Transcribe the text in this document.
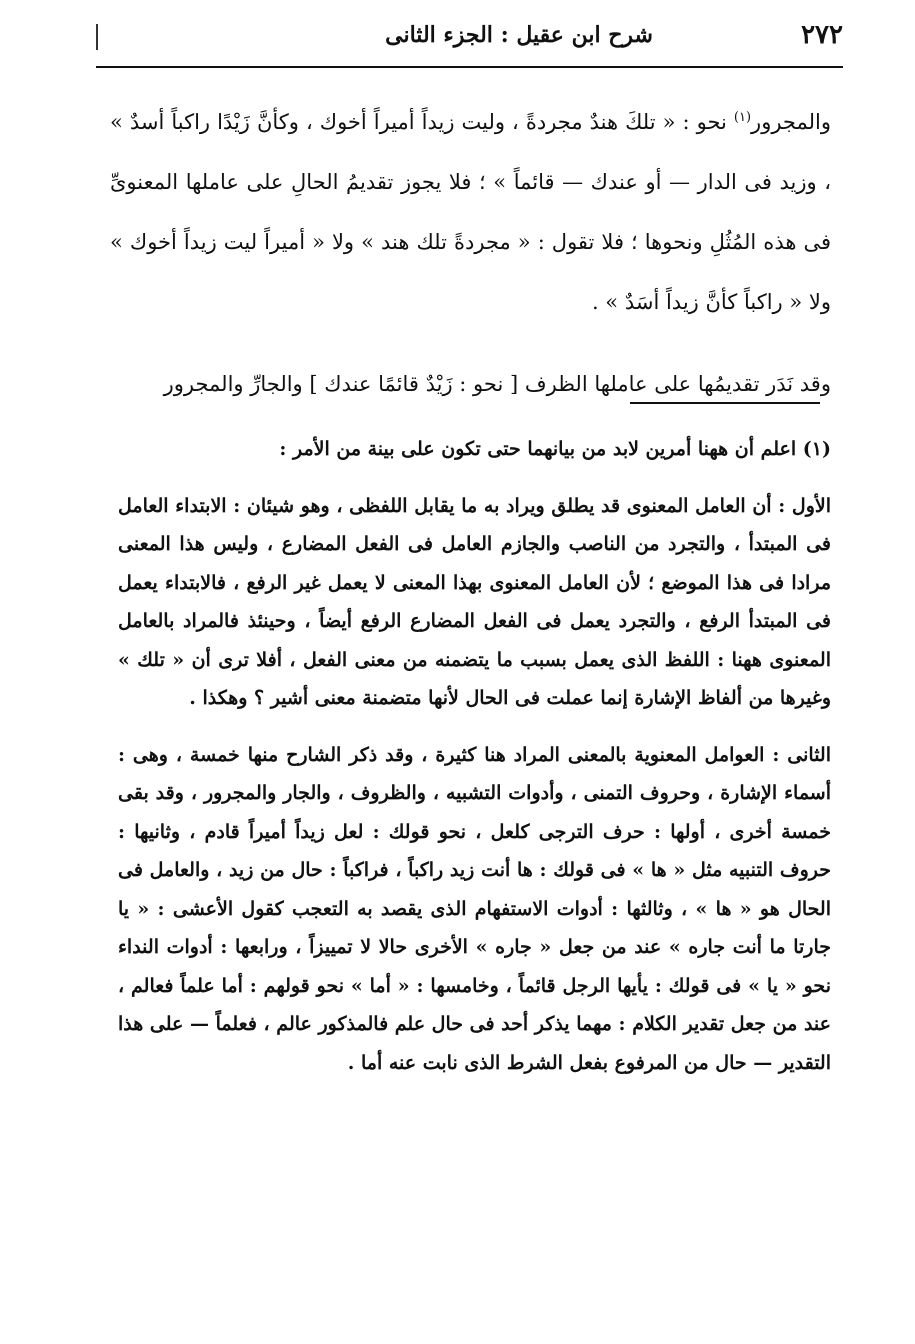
٢٧٢
شرح ابن عقيل : الجزء الثانى

والمجرور$^{(١)}$ نحو : « تلكَ هندٌ مجردةً ، وليت زيداً أميراً أخوك ، وكأنَّ زَيْدًا راكباً أسدٌ » ، وزيد فى الدار — أو عندك — قائماً » ؛ فلا يجوز تقديمُ الحالِ على عاملها المعنوىِّ فى هذه المُثُلِ ونحوها ؛ فلا تقول : « مجردةً تلك هند » ولا « أميراً ليت زيداً أخوك » ولا « راكباً كأنَّ زيداً أسَدٌ » .

وقد نَدَر تقديمُها على عاملها الظرف [ نحو : زَيْدٌ قائمًا عندك ] والجارِّ والمجرور

(١) اعلم أن ههنا أمرين لابد من بيانهما حتى تكون على بينة من الأمر :

الأول : أن العامل المعنوى قد يطلق ويراد به ما يقابل اللفظى ، وهو شيئان : الابتداء العامل فى المبتدأ ، والتجرد من الناصب والجازم العامل فى الفعل المضارع ، وليس هذا المعنى مرادا فى هذا الموضع ؛ لأن العامل المعنوى بهذا المعنى لا يعمل غير الرفع ، فالابتداء يعمل فى المبتدأ الرفع ، والتجرد يعمل فى الفعل المضارع الرفع أيضاً ، وحينئذ فالمراد بالعامل المعنوى ههنا : اللفظ الذى يعمل بسبب ما يتضمنه من معنى الفعل ، أفلا ترى أن « تلك » وغيرها من ألفاظ الإشارة إنما عملت فى الحال لأنها متضمنة معنى أشير ؟ وهكذا .

الثانى : العوامل المعنوية بالمعنى المراد هنا كثيرة ، وقد ذكر الشارح منها خمسة ، وهى : أسماء الإشارة ، وحروف التمنى ، وأدوات التشبيه ، والظروف ، والجار والمجرور ، وقد بقى خمسة أخرى ، أولها : حرف الترجى كلعل ، نحو قولك : لعل زيداً أميراً قادم ، وثانيها : حروف التنبيه مثل « ها » فى قولك : ها أنت زيد راكباً ، فراكباً : حال من زيد ، والعامل فى الحال هو « ها » ، وثالثها : أدوات الاستفهام الذى يقصد به التعجب كقول الأعشى : « يا جارتا ما أنت جاره » عند من جعل « جاره » الأخرى حالا لا تمييزاً ، ورابعها : أدوات النداء نحو « يا » فى قولك : يأيها الرجل قائماً ، وخامسها : « أما » نحو قولهم : أما علماً فعالم ، عند من جعل تقدير الكلام : مهما يذكر أحد فى حال علم فالمذكور عالم ، فعلماً — على هذا التقدير — حال من المرفوع بفعل الشرط الذى نابت عنه أما .
